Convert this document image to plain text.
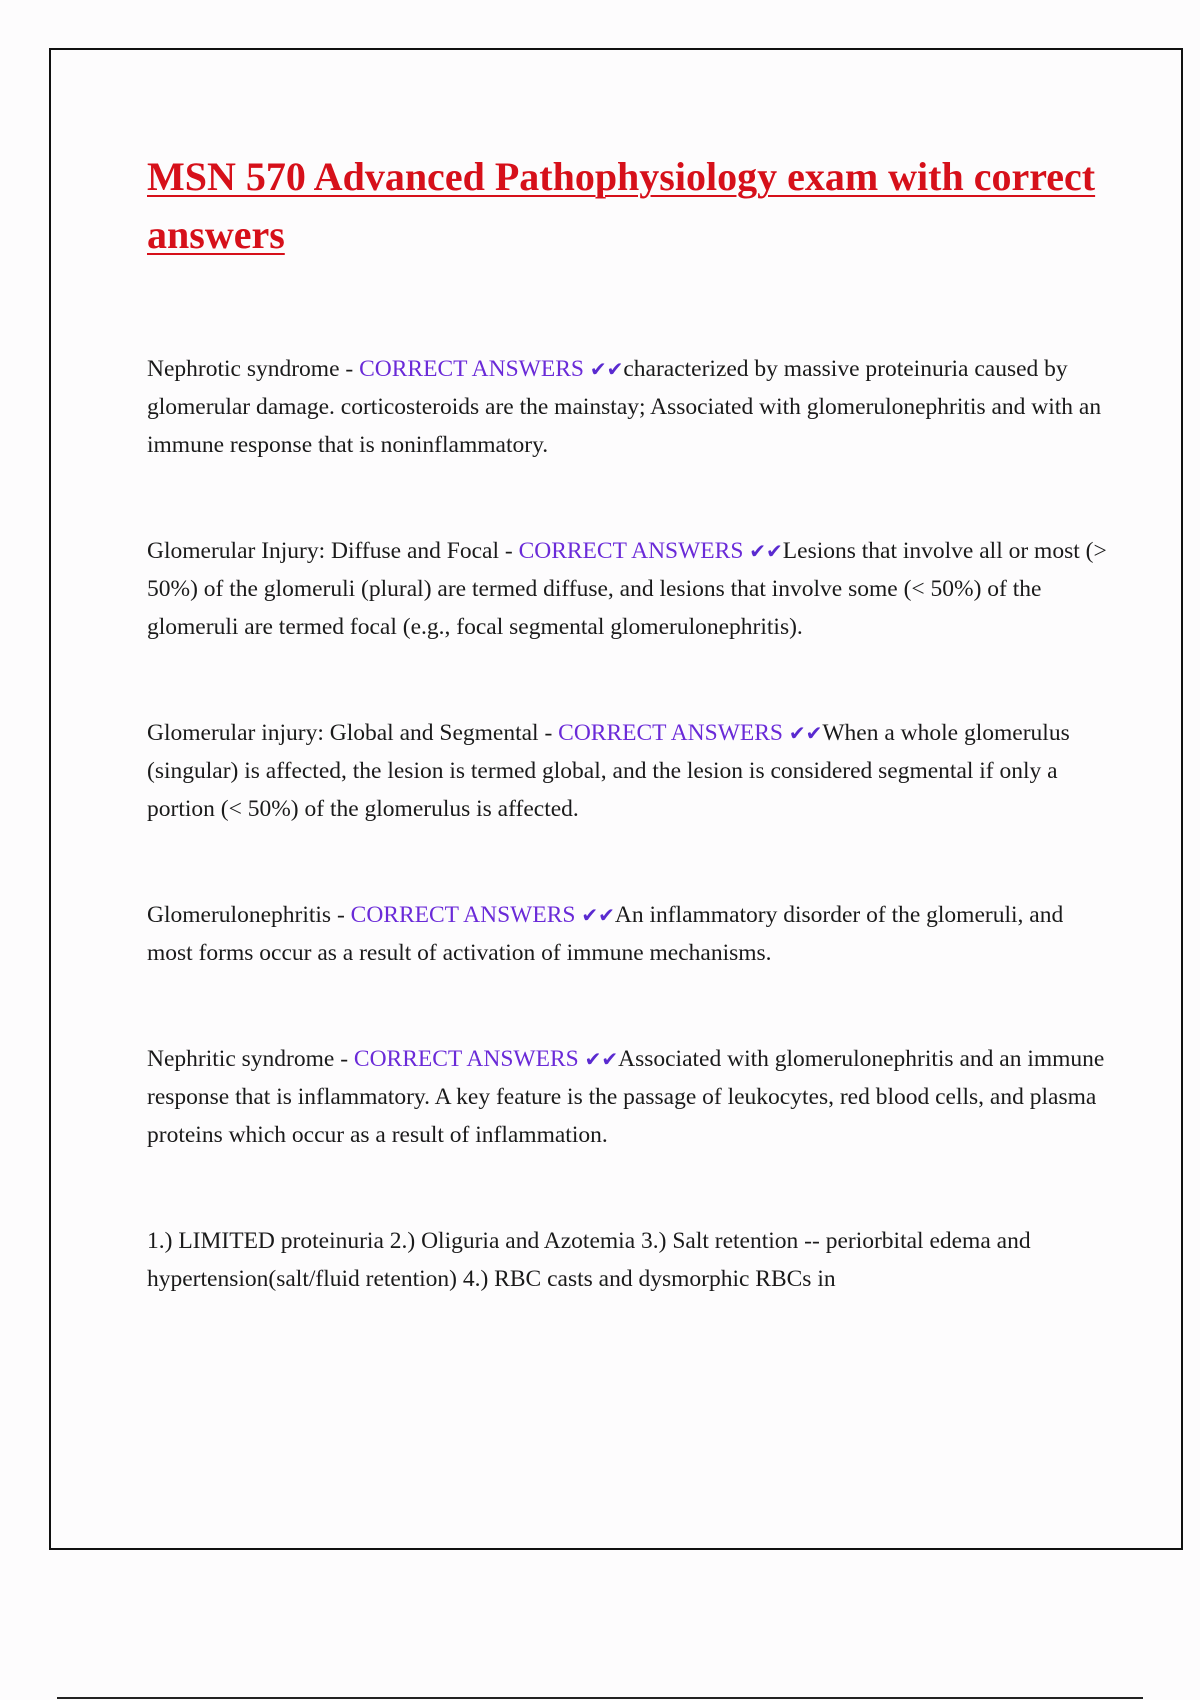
MSN 570 Advanced Pathophysiology exam with correct answers

Nephrotic syndrome - CORRECT ANSWERS ✔✔characterized by massive proteinuria caused by glomerular damage. corticosteroids are the mainstay; Associated with glomerulonephritis and with an immune response that is noninflammatory.

Glomerular Injury: Diffuse and Focal - CORRECT ANSWERS ✔✔Lesions that involve all or most (> 50%) of the glomeruli (plural) are termed diffuse, and lesions that involve some (< 50%) of the glomeruli are termed focal (e.g., focal segmental glomerulonephritis).

Glomerular injury: Global and Segmental - CORRECT ANSWERS ✔✔When a whole glomerulus (singular) is affected, the lesion is termed global, and the lesion is considered segmental if only a portion (< 50%) of the glomerulus is affected.

Glomerulonephritis - CORRECT ANSWERS ✔✔An inflammatory disorder of the glomeruli, and most forms occur as a result of activation of immune mechanisms.

Nephritic syndrome - CORRECT ANSWERS ✔✔Associated with glomerulonephritis and an immune response that is inflammatory. A key feature is the passage of leukocytes, red blood cells, and plasma proteins which occur as a result of inflammation.

1.) LIMITED proteinuria 2.) Oliguria and Azotemia 3.) Salt retention -- periorbital edema and hypertension(salt/fluid retention) 4.) RBC casts and dysmorphic RBCs in
